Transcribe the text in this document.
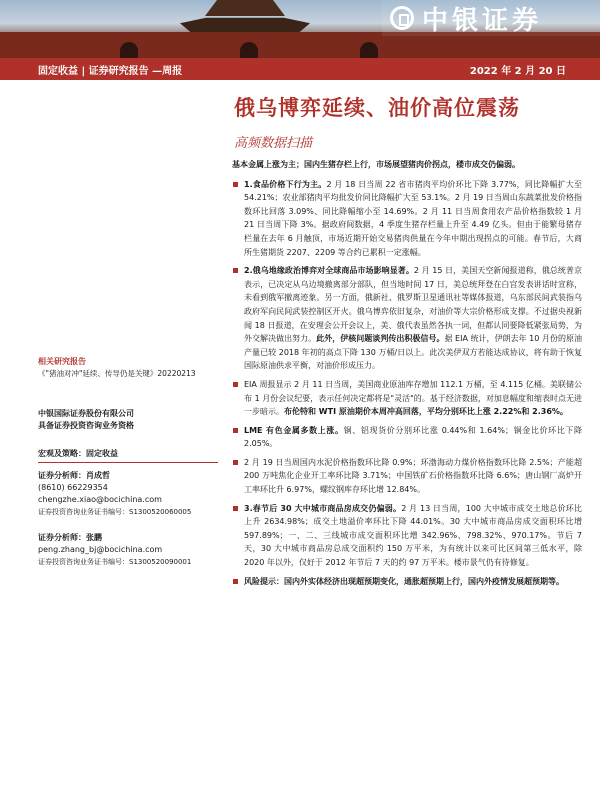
中银证券
固定收益 | 证券研究报告 —周报	2022 年 2 月 20 日
俄乌博弈延续、油价高位震荡
高频数据扫描
基本金属上涨为主；国内生猪存栏上行，市场展望猪肉价拐点，楼市成交仍偏弱。
1.食品价格下行为主。2 月 18 日当周 22 省市猪肉平均价环比下降 3.77%，同比降幅扩大至 54.21%；农业部猪肉平均批发价同比降幅扩大至 53.1%。2 月 19 日当周山东蔬菜批发价格指数环比回落 3.09%、同比降幅缩小至 14.69%。2 月 11 日当周食用农产品价格指数较 1 月 21 日当周下降 3%。据政府间数据，4 季度生猪存栏量上升至 4.49 亿头。但由于能繁母猪存栏量在去年 6 月触顶，市场近期开始交易猪肉供量在今年中期出现拐点的可能。春节后，大商所生猪期货 2207、2209 等合约已累积一定涨幅。
2.俄乌地缘政治博弈对全球商品市场影响显著。2 月 15 日，美国天空新闻报道称，俄总统普京表示，已决定从乌边境撤离部分部队，但当地时间 17 日，美总统拜登在白宫发表讲话时宣称，未看到俄军撤离迹象。另一方面，俄新社、俄罗斯卫星通讯社等媒体报道，乌东部民间武装指乌政府军向民间武装控制区开火。俄乌博弈依旧复杂，对油价等大宗价格形成支撑。不过据央视新闻 18 日报道，在安理会公开会议上，美、俄代表虽然各执一词，但都认同要降低紧张局势，为外交解决做出努力。此外，伊核问题谈判传出积极信号。据 EIA 统计，伊朗去年 10 月份的原油产量已较 2018 年初的高点下降 130 万桶/日以上。此次美伊双方若能达成协议，将有助于恢复国际原油供求平衡，对油价形成压力。
EIA 周报显示 2 月 11 日当周，美国商业原油库存增加 112.1 万桶，至 4.115 亿桶。美联储公布 1 月份会议纪要，表示任何决定都将是"灵活"的。基于经济数据，对加息幅度和缩表时点无进一步暗示。布伦特和 WTI 原油期价本周冲高回落，平均分别环比上涨 2.22%和 2.36%。
LME 有色金属多数上涨。铜、铝现货价分别环比涨 0.44%和 1.64%；铜金比价环比下降 2.05%。
2 月 19 日当周国内水泥价格指数环比降 0.9%；环渤海动力煤价格指数环比降 2.5%；产能超 200 万吨焦化企业开工率环比降 3.71%；中国铁矿石价格指数环比降 6.6%；唐山钢厂高炉开工率环比升 6.97%，螺纹钢库存环比增 12.84%。
3.春节后 30 大中城市商品房成交仍偏弱。2 月 13 日当周，100 大中城市成交土地总价环比上升 2634.98%；成交土地溢价率环比下降 44.01%。30 大中城市商品房成交面积环比增 597.89%；一、二、三线城市成交面积环比增 342.96%、798.32%、970.17%。节后 7 天，30 大中城市商品房总成交面积约 150 万平米，为有统计以来可比区间第三低水平，除 2020 年以外，仅好于 2012 年节后 7 天的约 97 万平米。楼市景气仍有待修复。
风险提示：国内外实体经济出现超预期变化，通胀超预期上行，国内外疫情发展超预期等。
相关研究报告
《"猪油对冲"延续、传导仍是关键》20220213
中银国际证券股份有限公司
具备证券投资咨询业务资格
宏观及策略：固定收益
证券分析师：肖成哲
(8610) 66229354
chengzhe.xiao@bocichina.com
证券投资咨询业务证书编号：S1300520060005
证券分析师：张鹏
peng.zhang_bj@bocichina.com
证券投资咨询业务证书编号：S1300520090001
